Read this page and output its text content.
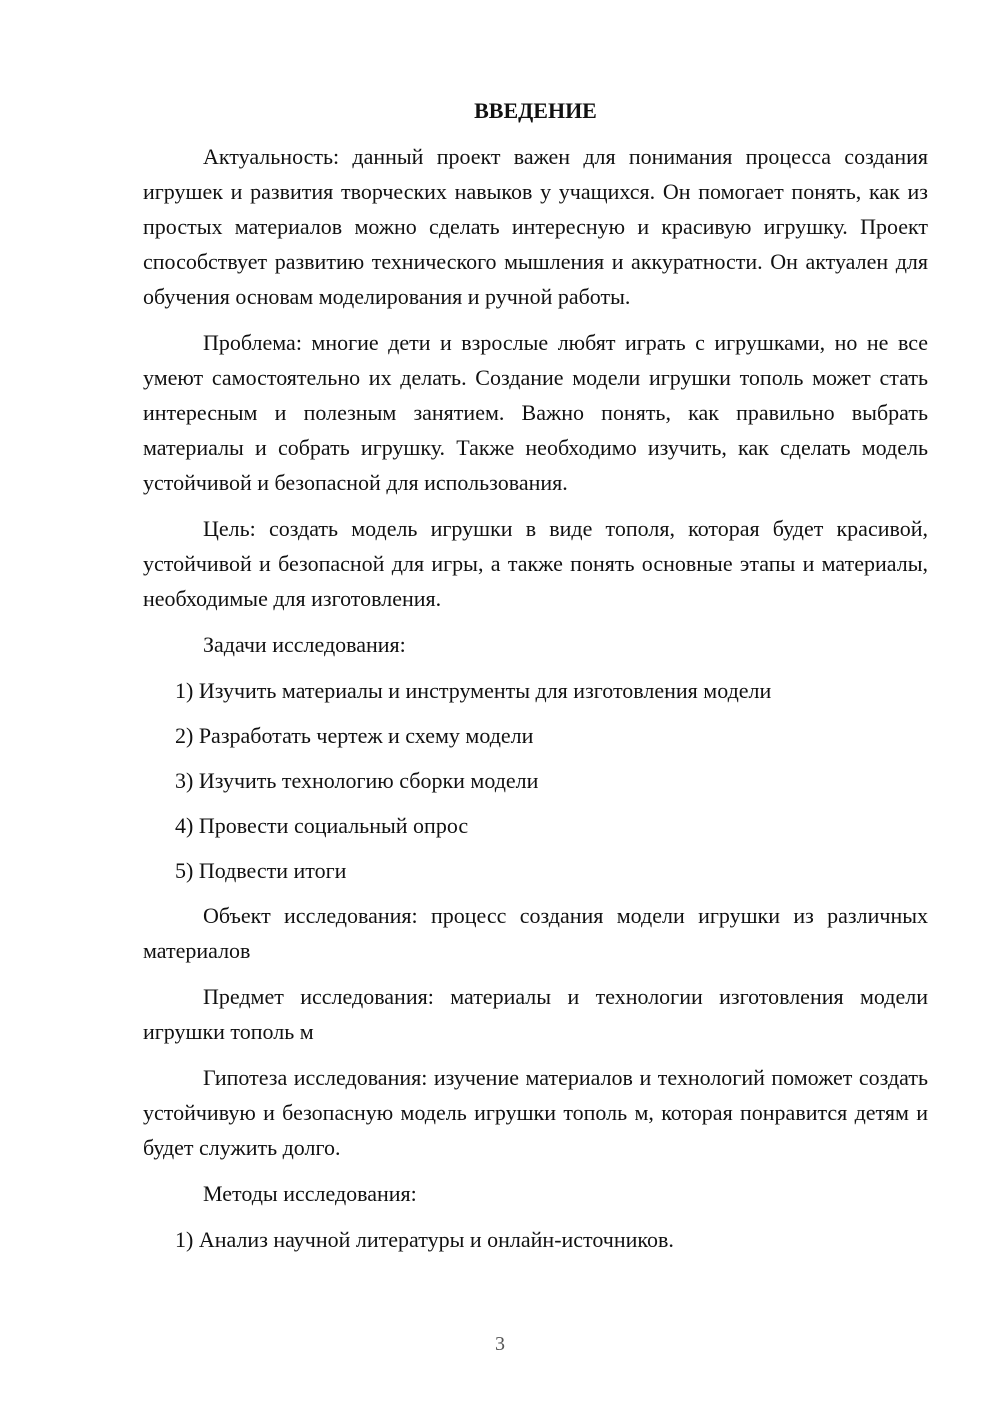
ВВЕДЕНИЕ

Актуальность: данный проект важен для понимания процесса создания игрушек и развития творческих навыков у учащихся. Он помогает понять, как из простых материалов можно сделать интересную и красивую игрушку. Проект способствует развитию технического мышления и аккуратности. Он актуален для обучения основам моделирования и ручной работы.

Проблема: многие дети и взрослые любят играть с игрушками, но не все умеют самостоятельно их делать. Создание модели игрушки тополь может стать интересным и полезным занятием. Важно понять, как правильно выбрать материалы и собрать игрушку. Также необходимо изучить, как сделать модель устойчивой и безопасной для использования.

Цель: создать модель игрушки в виде тополя, которая будет красивой, устойчивой и безопасной для игры, а также понять основные этапы и материалы, необходимые для изготовления.

Задачи исследования:

1) Изучить материалы и инструменты для изготовления модели
2) Разработать чертеж и схему модели
3) Изучить технологию сборки модели
4) Провести социальный опрос
5) Подвести итоги

Объект исследования: процесс создания модели игрушки из различных материалов

Предмет исследования: материалы и технологии изготовления модели игрушки тополь м

Гипотеза исследования: изучение материалов и технологий поможет создать устойчивую и безопасную модель игрушки тополь м, которая понравится детям и будет служить долго.

Методы исследования:

1) Анализ научной литературы и онлайн-источников.
3
